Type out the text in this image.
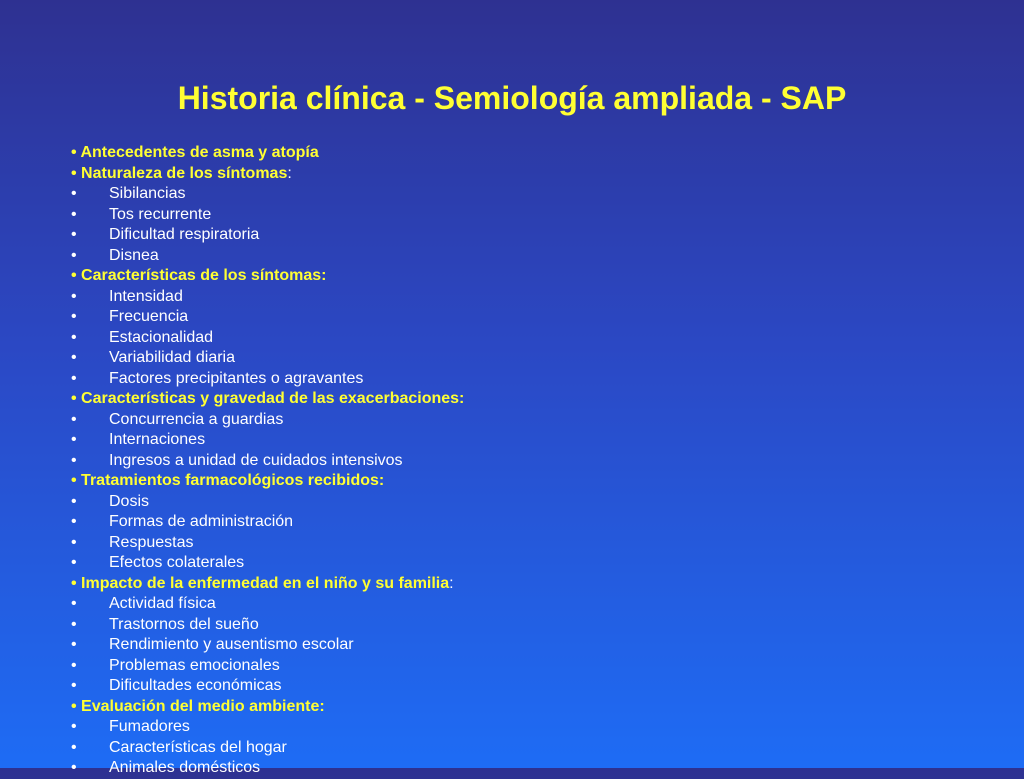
Historia clínica - Semiología ampliada - SAP
• Antecedentes de asma y atopía
• Naturaleza de los síntomas:
• Sibilancias
• Tos recurrente
• Dificultad respiratoria
• Disnea
• Características de los síntomas:
• Intensidad
• Frecuencia
• Estacionalidad
• Variabilidad diaria
• Factores precipitantes o agravantes
• Características y gravedad de las exacerbaciones:
• Concurrencia a guardias
• Internaciones
• Ingresos a unidad de cuidados intensivos
• Tratamientos farmacológicos recibidos:
• Dosis
• Formas de administración
• Respuestas
• Efectos colaterales
• Impacto de la enfermedad en el niño y su familia:
• Actividad física
• Trastornos del sueño
• Rendimiento y ausentismo escolar
• Problemas emocionales
• Dificultades económicas
• Evaluación del medio ambiente:
• Fumadores
• Características del hogar
• Animales domésticos
